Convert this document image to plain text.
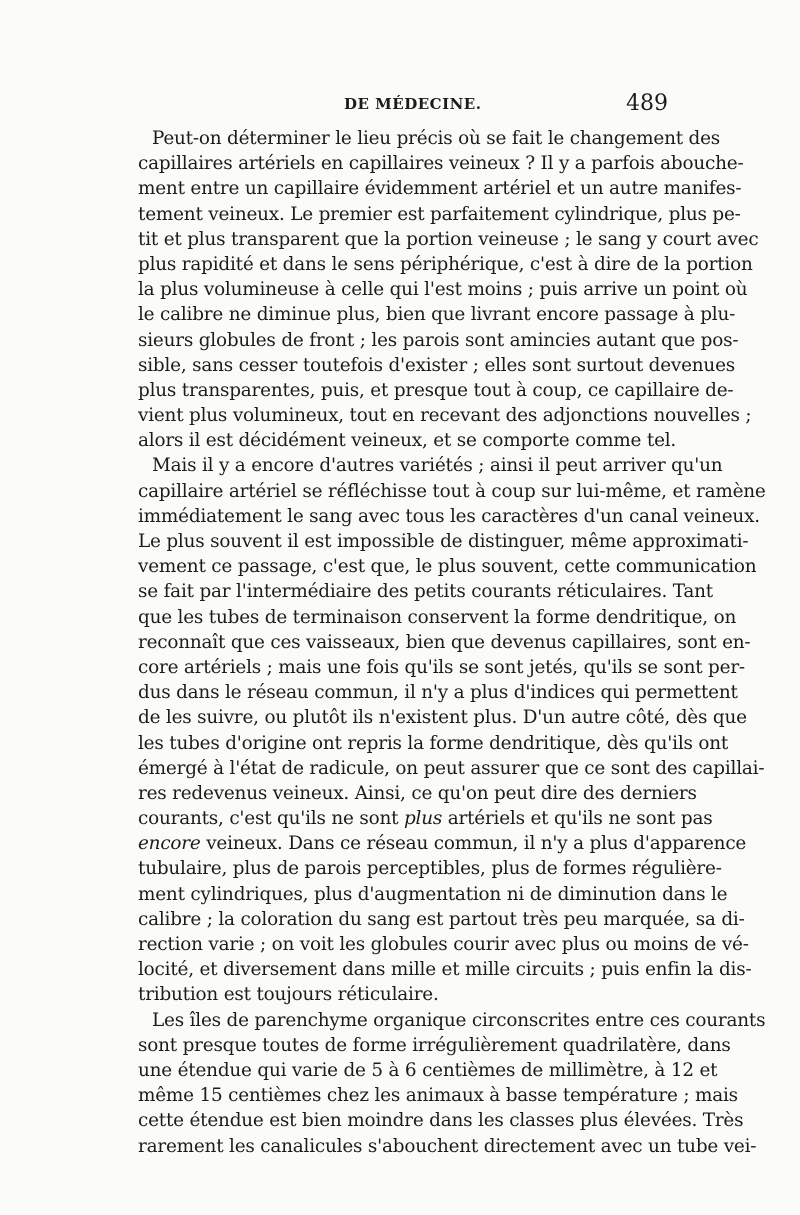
DE MÉDECINE.	489
Peut-on déterminer le lieu précis où se fait le changement des
capillaires artériels en capillaires veineux ? Il y a parfois abouche-
ment entre un capillaire évidemment artériel et un autre manifes-
tement veineux. Le premier est parfaitement cylindrique, plus pe-
tit et plus transparent que la portion veineuse ; le sang y court avec
plus rapidité et dans le sens périphérique, c'est à dire de la portion
la plus volumineuse à celle qui l'est moins ; puis arrive un point où
le calibre ne diminue plus, bien que livrant encore passage à plu-
sieurs globules de front ; les parois sont amincies autant que pos-
sible, sans cesser toutefois d'exister ; elles sont surtout devenues
plus transparentes, puis, et presque tout à coup, ce capillaire de-
vient plus volumineux, tout en recevant des adjonctions nouvelles ;
alors il est décidément veineux, et se comporte comme tel.
Mais il y a encore d'autres variétés ; ainsi il peut arriver qu'un
capillaire artériel se réfléchisse tout à coup sur lui-même, et ramène
immédiatement le sang avec tous les caractères d'un canal veineux.
Le plus souvent il est impossible de distinguer, même approximati-
vement ce passage, c'est que, le plus souvent, cette communication
se fait par l'intermédiaire des petits courants réticulaires. Tant
que les tubes de terminaison conservent la forme dendritique, on
reconnaît que ces vaisseaux, bien que devenus capillaires, sont en-
core artériels ; mais une fois qu'ils se sont jetés, qu'ils se sont per-
dus dans le réseau commun, il n'y a plus d'indices qui permettent
de les suivre, ou plutôt ils n'existent plus. D'un autre côté, dès que
les tubes d'origine ont repris la forme dendritique, dès qu'ils ont
émergé à l'état de radicule, on peut assurer que ce sont des capillai-
res redevenus veineux. Ainsi, ce qu'on peut dire des derniers
courants, c'est qu'ils ne sont plus artériels et qu'ils ne sont pas
encore veineux. Dans ce réseau commun, il n'y a plus d'apparence
tubulaire, plus de parois perceptibles, plus de formes régulière-
ment cylindriques, plus d'augmentation ni de diminution dans le
calibre ; la coloration du sang est partout très peu marquée, sa di-
rection varie ; on voit les globules courir avec plus ou moins de vé-
locité, et diversement dans mille et mille circuits ; puis enfin la dis-
tribution est toujours réticulaire.
Les îles de parenchyme organique circonscrites entre ces courants
sont presque toutes de forme irrégulièrement quadrilatère, dans
une étendue qui varie de 5 à 6 centièmes de millimètre, à 12 et
même 15 centièmes chez les animaux à basse température ; mais
cette étendue est bien moindre dans les classes plus élevées. Très
rarement les canalicules s'abouchent directement avec un tube vei-
